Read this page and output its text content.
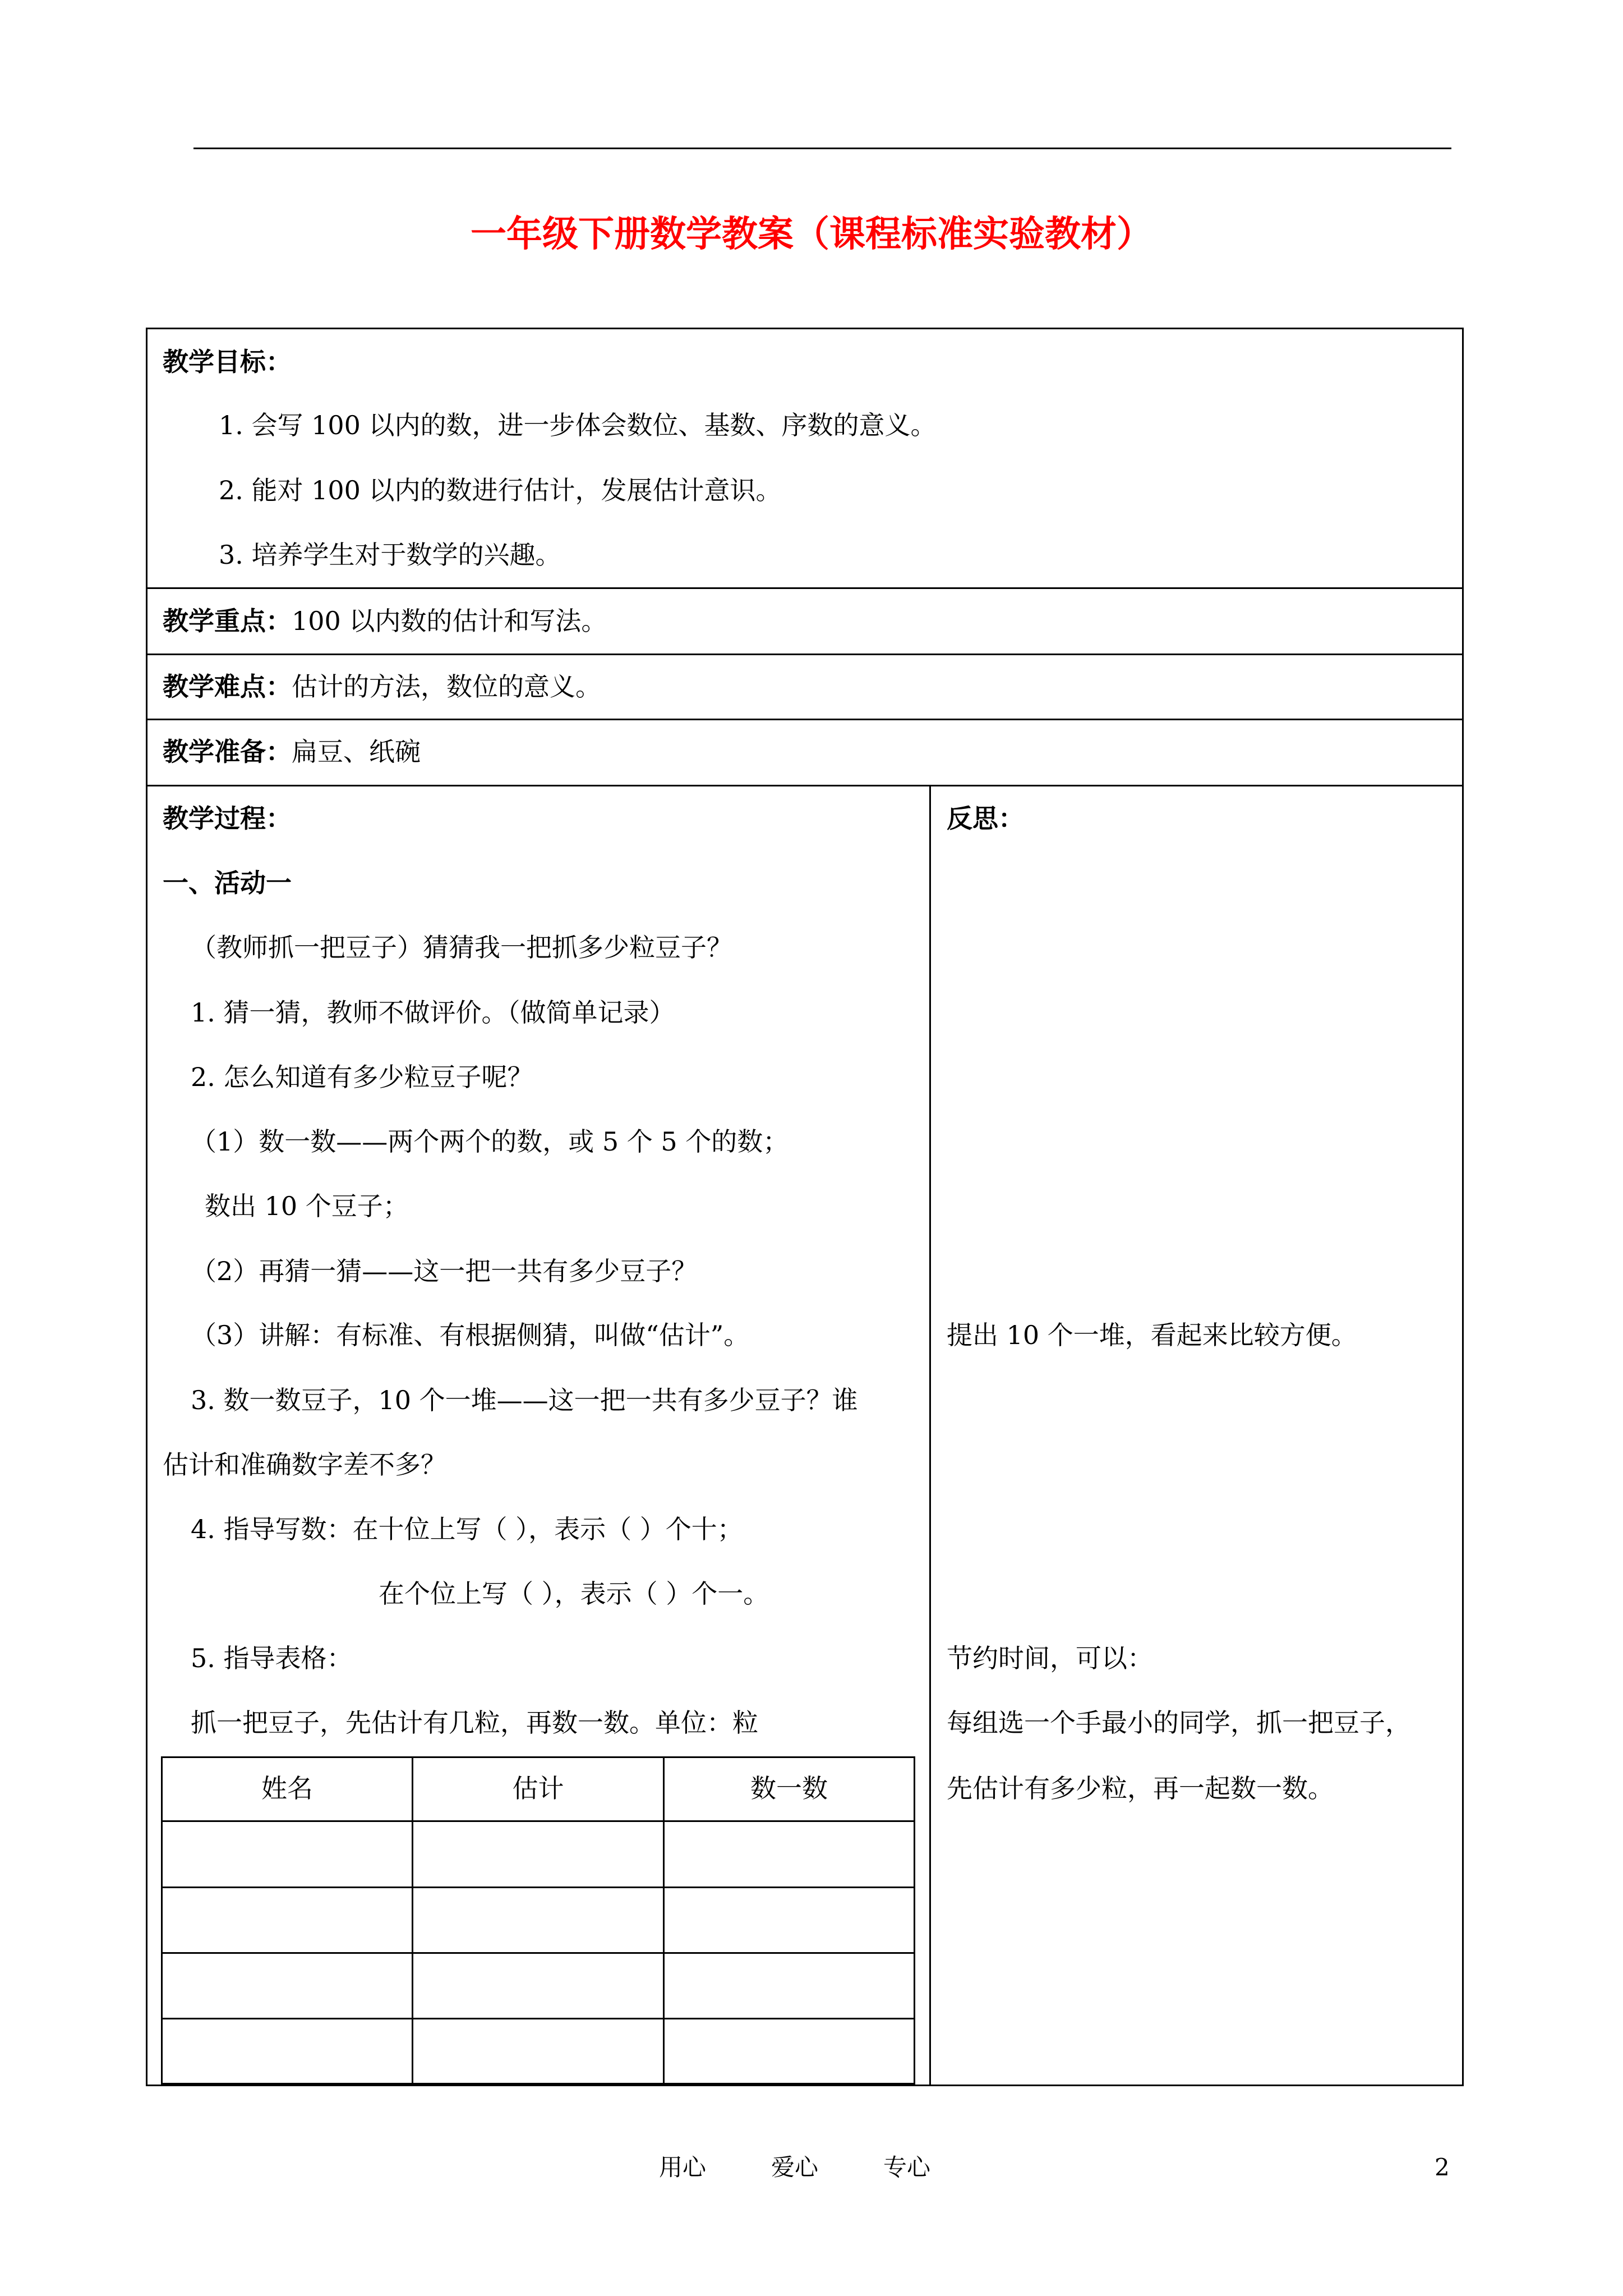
一年级下册数学教案（课程标准实验教材）
教学目标：
1. 会写 100 以内的数，进一步体会数位、基数、序数的意义。
2. 能对 100 以内的数进行估计，发展估计意识。
3. 培养学生对于数学的兴趣。
教学重点：100 以内数的估计和写法。
教学难点：估计的方法，数位的意义。
教学准备：扁豆、纸碗
教学过程：
一、活动一
（教师抓一把豆子）猜猜我一把抓多少粒豆子？
1. 猜一猜，教师不做评价。（做简单记录）
2. 怎么知道有多少粒豆子呢？
（1）数一数——两个两个的数，或 5 个 5 个的数；
数出 10 个豆子；
（2）再猜一猜——这一把一共有多少豆子？
（3）讲解：有标准、有根据侧猜，叫做“估计”。
3. 数一数豆子，10 个一堆——这一把一共有多少豆子？谁
估计和准确数字差不多？
4. 指导写数：在十位上写（ ），表示（ ）个十；
在个位上写（ ），表示（ ）个一。
5. 指导表格：
抓一把豆子，先估计有几粒，再数一数。单位：粒
姓名	估计	数一数
反思：
提出 10 个一堆，看起来比较方便。
节约时间，可以：
每组选一个手最小的同学，抓一把豆子，
先估计有多少粒，再一起数一数。
用心	爱心	专心	2
